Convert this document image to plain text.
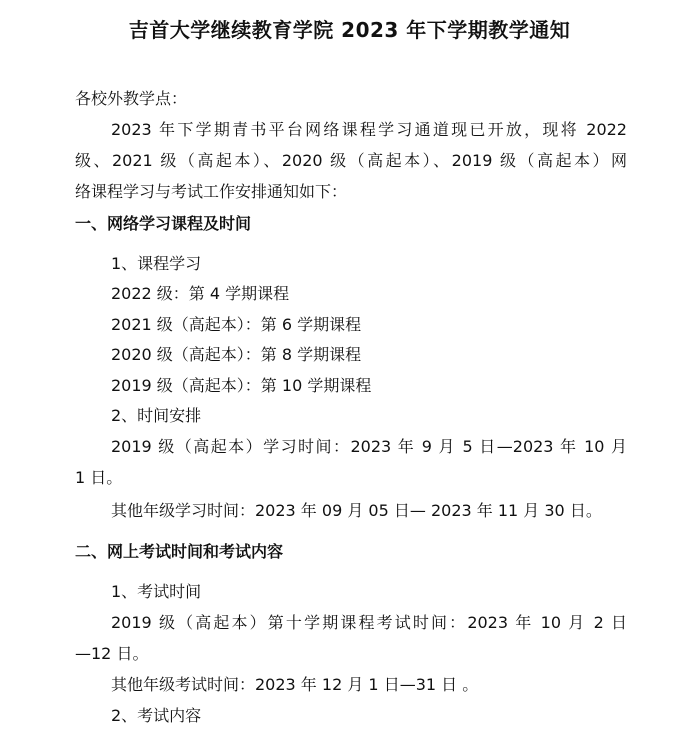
吉首大学继续教育学院 2023 年下学期教学通知
各校外教学点：
2023 年下学期青书平台网络课程学习通道现已开放，现将 2022
级、2021 级（高起本）、2020 级（高起本）、2019 级（高起本）网
络课程学习与考试工作安排通知如下：
一、网络学习课程及时间
1、课程学习
2022 级：第 4 学期课程
2021 级（高起本）：第 6 学期课程
2020 级（高起本）：第 8 学期课程
2019 级（高起本）：第 10 学期课程
2、时间安排
2019 级（高起本）学习时间：2023 年 9 月 5 日—2023 年 10 月
1 日。
其他年级学习时间：2023 年 09 月 05 日— 2023 年 11 月 30 日。
二、网上考试时间和考试内容
1、考试时间
2019 级（高起本）第十学期课程考试时间：2023 年 10 月 2 日
—12 日。
其他年级考试时间：2023 年 12 月 1 日—31 日 。
2、考试内容
